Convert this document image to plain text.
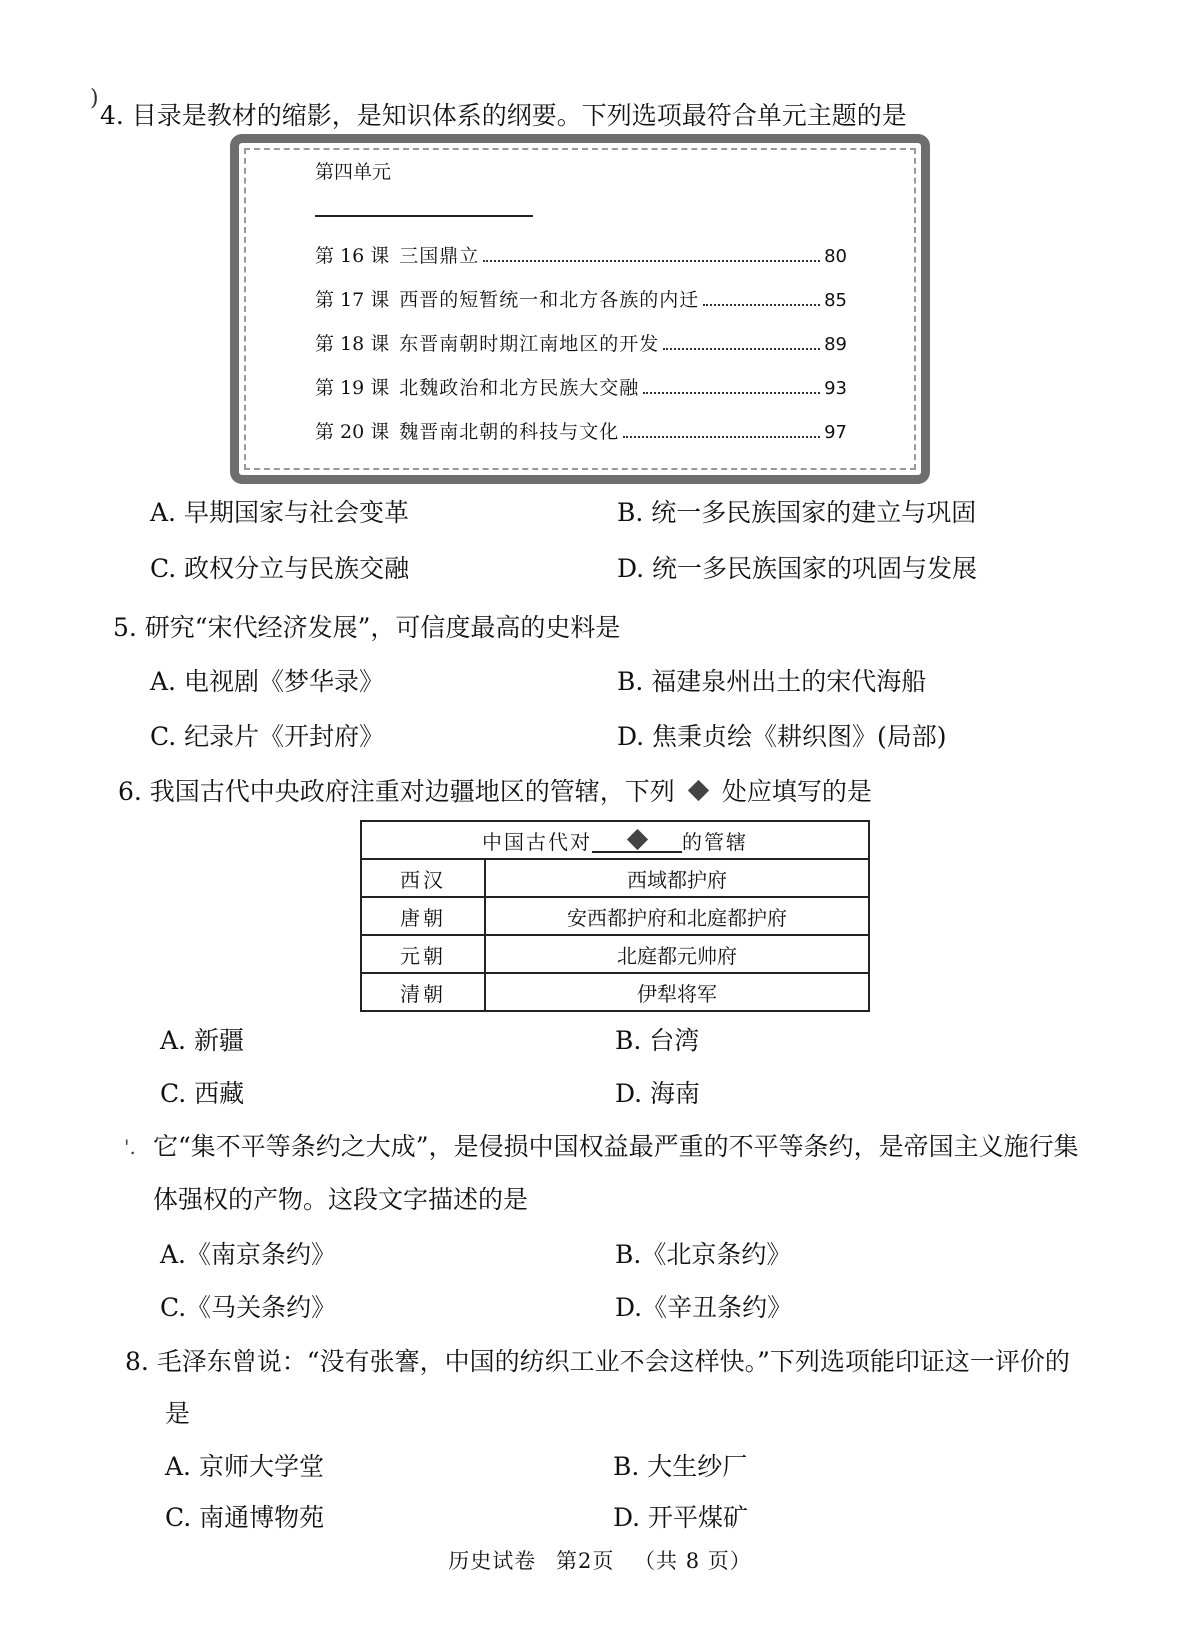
)
4. 目录是教材的缩影，是知识体系的纲要。下列选项最符合单元主题的是
第四单元
第 16 课 三国鼎立	80
第 17 课 西晋的短暂统一和北方各族的内迁	85
第 18 课 东晋南朝时期江南地区的开发	89
第 19 课 北魏政治和北方民族大交融	93
第 20 课 魏晋南北朝的科技与文化	97
A. 早期国家与社会变革	B. 统一多民族国家的建立与巩固
C. 政权分立与民族交融	D. 统一多民族国家的巩固与发展
5. 研究“宋代经济发展”，可信度最高的史料是
A. 电视剧《梦华录》	B. 福建泉州出土的宋代海船
C. 纪录片《开封府》	D. 焦秉贞绘《耕织图》(局部)
6. 我国古代中央政府注重对边疆地区的管辖，下列 处应填写的是
中国古代对 的管辖	
西汉	西域都护府
唐朝	安西都护府和北庭都护府
元朝	北庭都元帅府
清朝	伊犁将军
A. 新疆	B. 台湾
C. 西藏	D. 海南
'. 它“集不平等条约之大成”，是侵损中国权益最严重的不平等条约，是帝国主义施行集
体强权的产物。这段文字描述的是
A.《南京条约》	B.《北京条约》
C.《马关条约》	D.《辛丑条约》
8. 毛泽东曾说：“没有张謇，中国的纺织工业不会这样快。”下列选项能印证这一评价的
是
A. 京师大学堂	B. 大生纱厂
C. 南通博物苑	D. 开平煤矿
历史试卷 第2页 （共 8 页）
